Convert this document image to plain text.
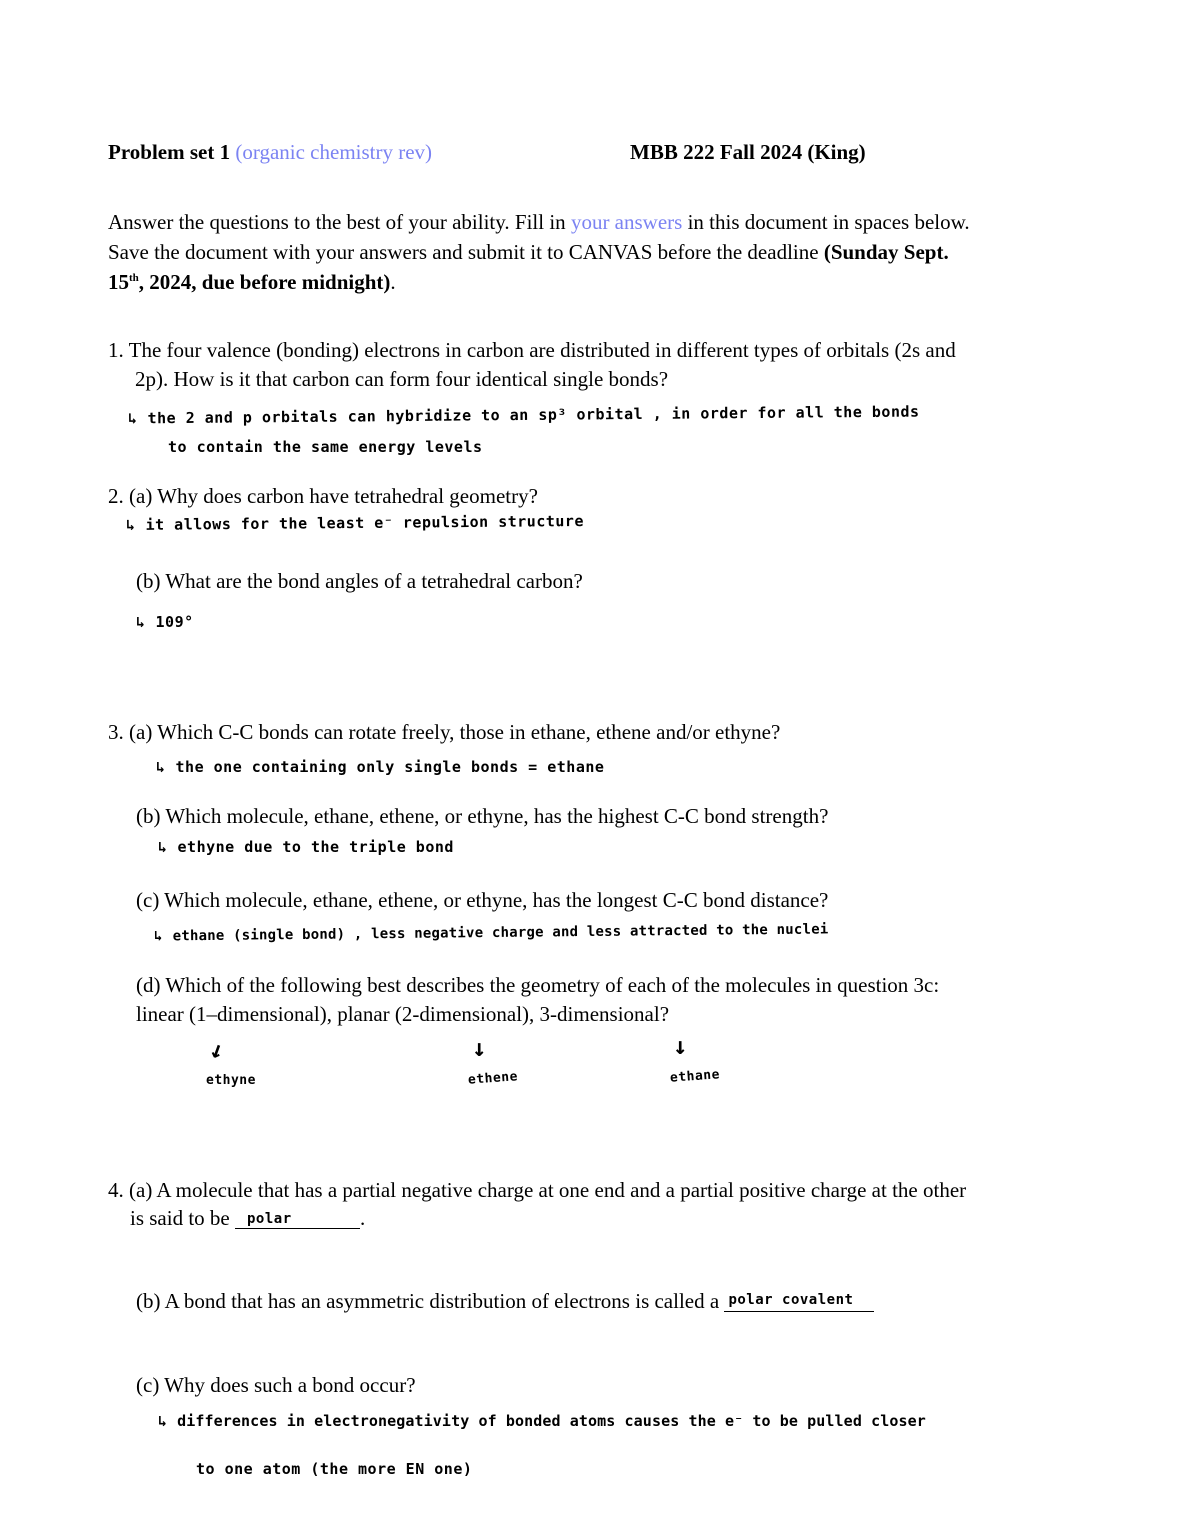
Problem set 1 (organic chemistry rev)	MBB 222 Fall 2024 (King)
Answer the questions to the best of your ability. Fill in your answers in this document in spaces below.
Save the document with your answers and submit it to CANVAS before the deadline (Sunday Sept.
15th, 2024, due before midnight).
1. The four valence (bonding) electrons in carbon are distributed in different types of orbitals (2s and
2p). How is it that carbon can form four identical single bonds?
↳ the 2 and p orbitals can hybridize to an sp³ orbital , in order for all the bonds
to contain the same energy levels
2. (a) Why does carbon have tetrahedral geometry?
↳ it allows for the least e⁻ repulsion structure
(b) What are the bond angles of a tetrahedral carbon?
↳ 109°
3. (a) Which C-C bonds can rotate freely, those in ethane, ethene and/or ethyne?
↳ the one containing only single bonds = ethane
(b) Which molecule, ethane, ethene, or ethyne, has the highest C-C bond strength?
↳ ethyne due to the triple bond
(c) Which molecule, ethane, ethene, or ethyne, has the longest C-C bond distance?
↳ ethane (single bond) , less negative charge and less attracted to the nuclei
(d) Which of the following best describes the geometry of each of the molecules in question 3c:
linear (1–dimensional), planar (2-dimensional), 3-dimensional?
↓
ethyne
↓
ethene
↓
ethane
4. (a) A molecule that has a partial negative charge at one end and a partial positive charge at the other
is said to be polar	.
(b) A bond that has an asymmetric distribution of electrons is called a polar covalent
(c) Why does such a bond occur?
↳ differences in electronegativity of bonded atoms causes the e⁻ to be pulled closer
to one atom (the more EN one)
